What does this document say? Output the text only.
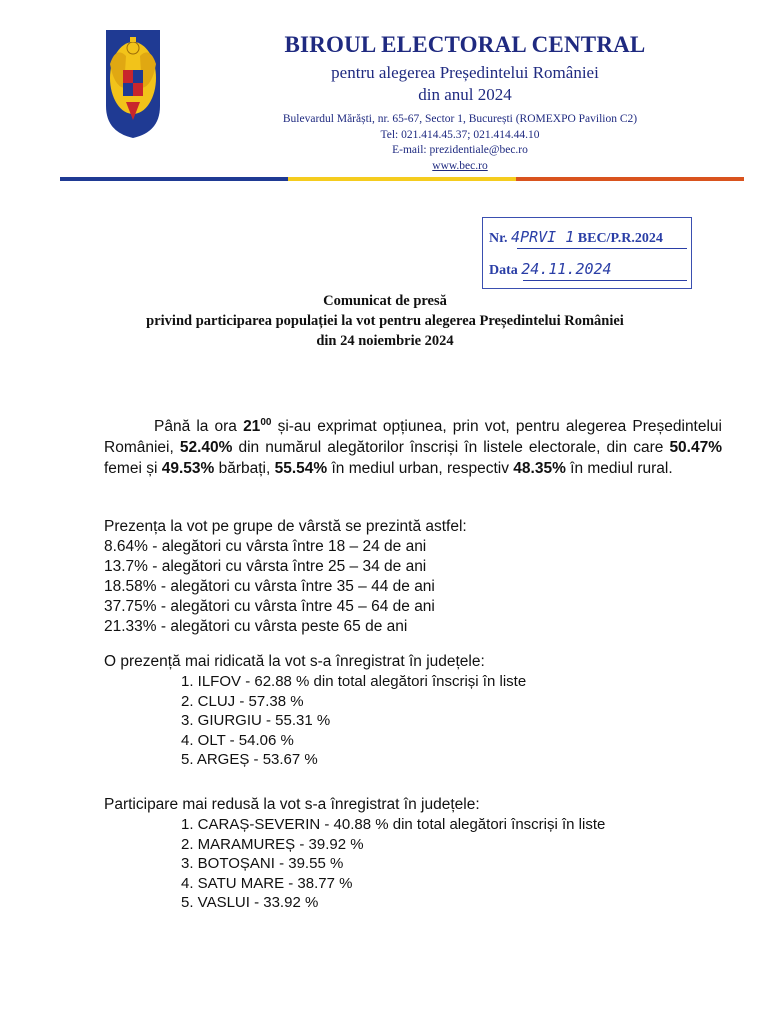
BIROUL ELECTORAL CENTRAL
pentru alegerea Președintelui României
din anul 2024
Bulevardul Mărăști, nr. 65-67, Sector 1, București (ROMEXPO Pavilion C2)
Tel: 021.414.45.37; 021.414.44.10
E-mail: prezidentiale@bec.ro
www.bec.ro
Nr. 4PRVI 1 BEC/P.R.2024
Data 24.11.2024
Comunicat de presă
privind participarea populației la vot pentru alegerea Președintelui României
din 24 noiembrie 2024
Până la ora $21^{00}$ și-au exprimat opțiunea, prin vot, pentru alegerea Președintelui României, 52.40% din numărul alegătorilor înscriși în listele electorale, din care 50.47% femei și 49.53% bărbați, 55.54% în mediul urban, respectiv 48.35% în mediul rural.
Prezența la vot pe grupe de vârstă se prezintă astfel:
8.64% - alegători cu vârsta între 18 – 24 de ani
13.7% - alegători cu vârsta între 25 – 34 de ani
18.58% - alegători cu vârsta între 35 – 44 de ani
37.75% - alegători cu vârsta între 45 – 64 de ani
21.33% - alegători cu vârsta peste 65 de ani
O prezență mai ridicată la vot s-a înregistrat în județele:
1. ILFOV - 62.88 % din total alegători înscriși în liste
2. CLUJ - 57.38 %
3. GIURGIU - 55.31 %
4. OLT - 54.06 %
5. ARGEȘ - 53.67 %
Participare mai redusă la vot s-a înregistrat în județele:
1. CARAȘ-SEVERIN - 40.88 % din total alegători înscriși în liste
2. MARAMUREȘ - 39.92 %
3. BOTOȘANI - 39.55 %
4. SATU MARE - 38.77 %
5. VASLUI - 33.92 %
